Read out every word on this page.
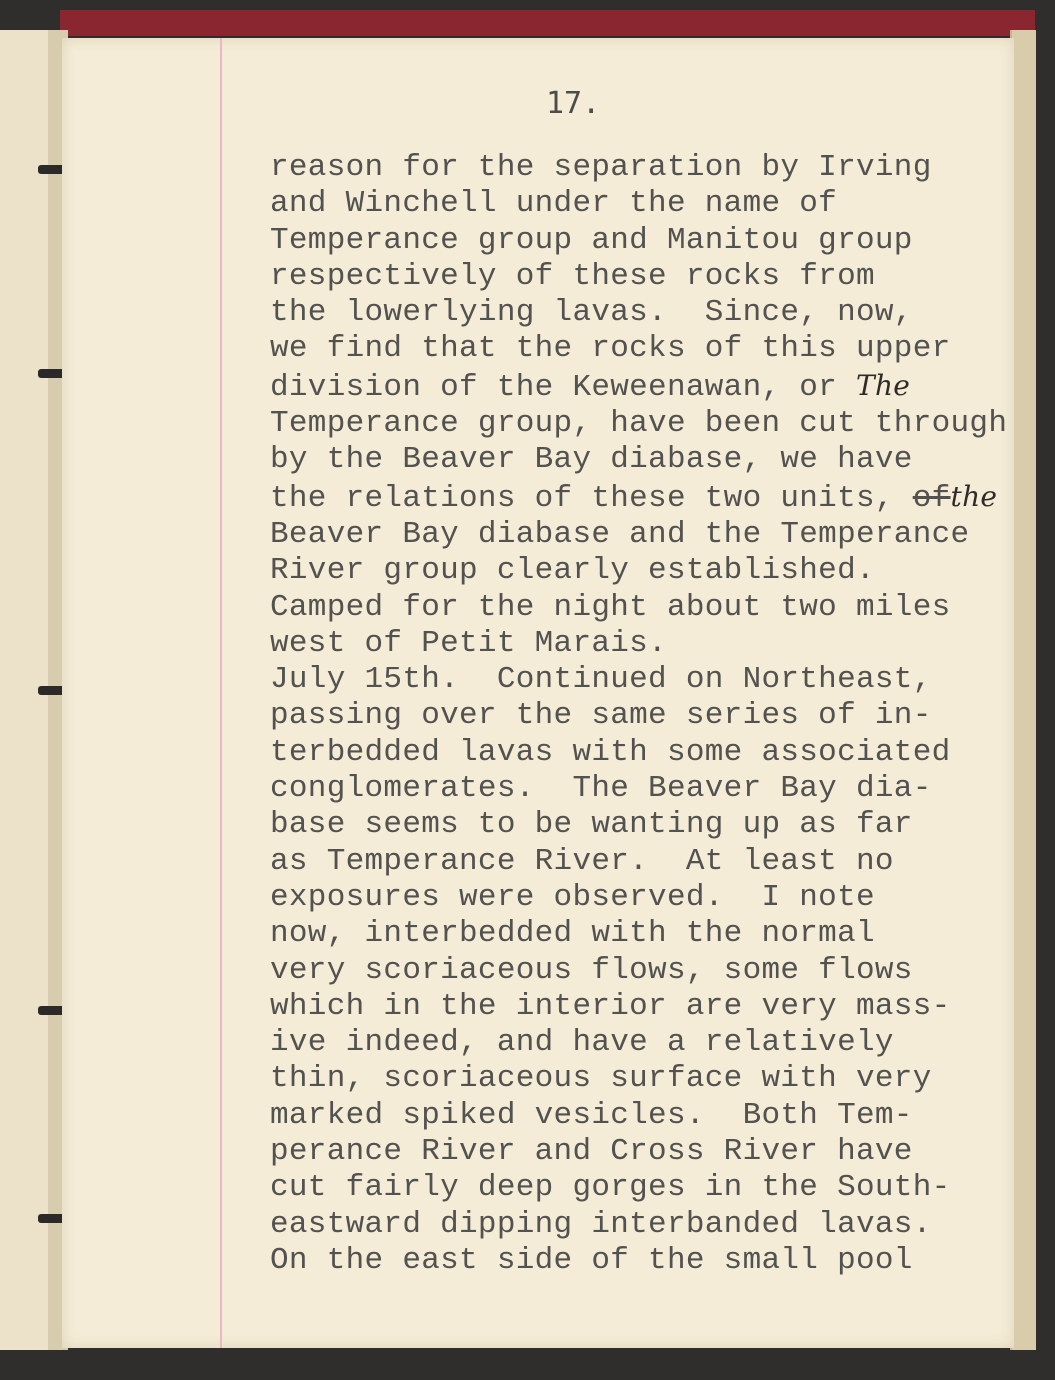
17.
reason for the separation by Irving
and Winchell under the name of
Temperance group and Manitou group
respectively of these rocks from
the lowerlying lavas.  Since, now,
we find that the rocks of this upper
division of the Keweenawan, or The
Temperance group, have been cut through
by the Beaver Bay diabase, we have
the relations of these two units, ofthe
Beaver Bay diabase and the Temperance
River group clearly established.
Camped for the night about two miles
west of Petit Marais.
July 15th.  Continued on Northeast,
passing over the same series of in-
terbedded lavas with some associated
conglomerates.  The Beaver Bay dia-
base seems to be wanting up as far
as Temperance River.  At least no
exposures were observed.  I note
now, interbedded with the normal
very scoriaceous flows, some flows
which in the interior are very mass-
ive indeed, and have a relatively
thin, scoriaceous surface with very
marked spiked vesicles.  Both Tem-
perance River and Cross River have
cut fairly deep gorges in the South-
eastward dipping interbanded lavas.
On the east side of the small pool
